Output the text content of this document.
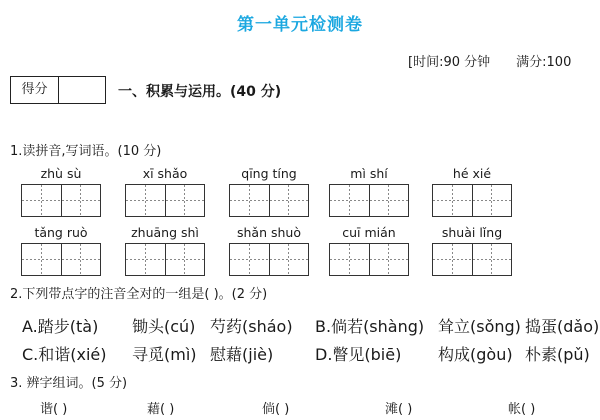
第一单元检测卷
[时间:90 分钟 满分:100
得分	一、积累与运用。(40 分)
1.读拼音,写词语。(10 分)
zhù sù	xī shǎo	qīng tíng	mì shí	hé xié
tǎng ruò	zhuāng shì	shǎn shuò	cuī mián	shuài lǐng
2.下列带点字的注音全对的一组是( )。(2 分)
A.踏步(tà) 锄头(cú) 芍药(sháo) B.倘若(shàng) 耸立(sǒng) 捣蛋(dǎo)
C.和谐(xié) 寻觅(mì) 慰藉(jiè)	D.瞥见(biē) 构成(gòu) 朴素(pǔ)
3. 辨字组词。(5 分)
谐( )	藉( )	倘( )	滩( )	帐( )
